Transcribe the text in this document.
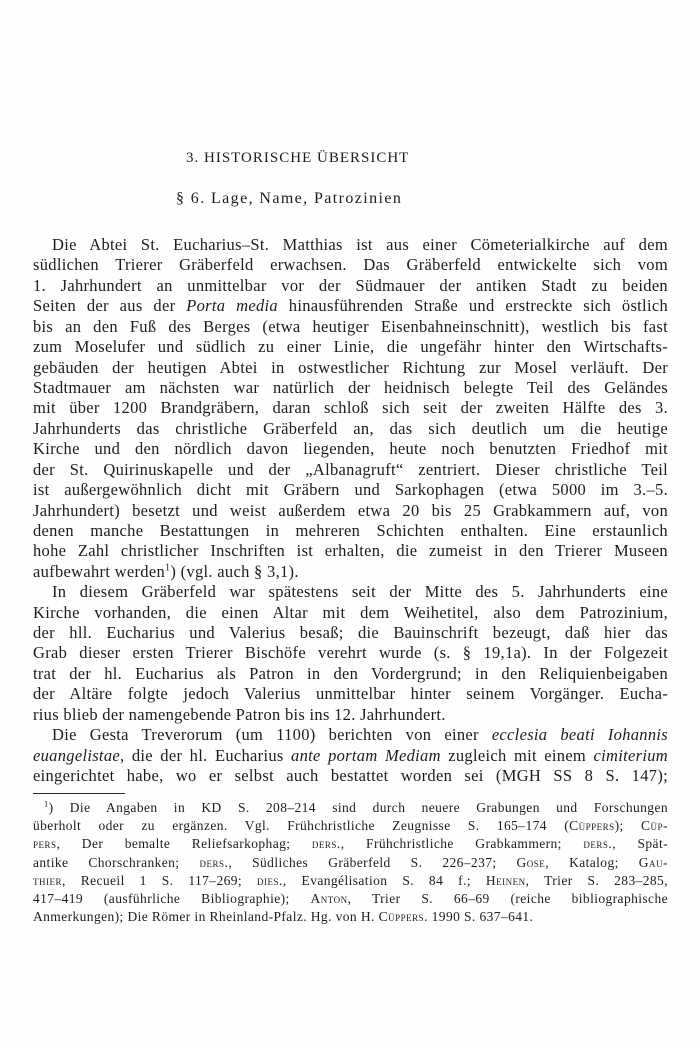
3. HISTORISCHE ÜBERSICHT
§ 6. Lage, Name, Patrozinien
Die Abtei St. Eucharius–St. Matthias ist aus einer Cömeterialkirche auf dem
südlichen Trierer Gräberfeld erwachsen. Das Gräberfeld entwickelte sich vom
1. Jahrhundert an unmittelbar vor der Südmauer der antiken Stadt zu beiden
Seiten der aus der Porta media hinausführenden Straße und erstreckte sich östlich
bis an den Fuß des Berges (etwa heutiger Eisenbahneinschnitt), westlich bis fast
zum Moselufer und südlich zu einer Linie, die ungefähr hinter den Wirtschafts-
gebäuden der heutigen Abtei in ostwestlicher Richtung zur Mosel verläuft. Der
Stadtmauer am nächsten war natürlich der heidnisch belegte Teil des Geländes
mit über 1200 Brandgräbern, daran schloß sich seit der zweiten Hälfte des 3.
Jahrhunderts das christliche Gräberfeld an, das sich deutlich um die heutige
Kirche und den nördlich davon liegenden, heute noch benutzten Friedhof mit
der St. Quirinuskapelle und der „Albanagruft“ zentriert. Dieser christliche Teil
ist außergewöhnlich dicht mit Gräbern und Sarkophagen (etwa 5000 im 3.–5.
Jahrhundert) besetzt und weist außerdem etwa 20 bis 25 Grabkammern auf, von
denen manche Bestattungen in mehreren Schichten enthalten. Eine erstaunlich
hohe Zahl christlicher Inschriften ist erhalten, die zumeist in den Trierer Museen
aufbewahrt werden$^1$) (vgl. auch § 3,1).
In diesem Gräberfeld war spätestens seit der Mitte des 5. Jahrhunderts eine
Kirche vorhanden, die einen Altar mit dem Weihetitel, also dem Patrozinium,
der hll. Eucharius und Valerius besaß; die Bauinschrift bezeugt, daß hier das
Grab dieser ersten Trierer Bischöfe verehrt wurde (s. § 19,1a). In der Folgezeit
trat der hl. Eucharius als Patron in den Vordergrund; in den Reliquienbeigaben
der Altäre folgte jedoch Valerius unmittelbar hinter seinem Vorgänger. Eucha-
rius blieb der namengebende Patron bis ins 12. Jahrhundert.
Die Gesta Treverorum (um 1100) berichten von einer ecclesia beati Iohannis
euangelistae, die der hl. Eucharius ante portam Mediam zugleich mit einem cimiterium
eingerichtet habe, wo er selbst auch bestattet worden sei (MGH SS 8 S. 147);
$^1$) Die Angaben in KD S. 208–214 sind durch neuere Grabungen und Forschungen
überholt oder zu ergänzen. Vgl. Frühchristliche Zeugnisse S. 165–174 (Cüppers); Cüp-
pers, Der bemalte Reliefsarkophag; ders., Frühchristliche Grabkammern; ders., Spät-
antike Chorschranken; ders., Südliches Gräberfeld S. 226–237; Gose, Katalog; Gau-
thier, Recueil 1 S. 117–269; dies., Evangélisation S. 84 f.; Heinen, Trier S. 283–285,
417–419 (ausführliche Bibliographie); Anton, Trier S. 66–69 (reiche bibliographische
Anmerkungen); Die Römer in Rheinland-Pfalz. Hg. von H. Cüppers. 1990 S. 637–641.
